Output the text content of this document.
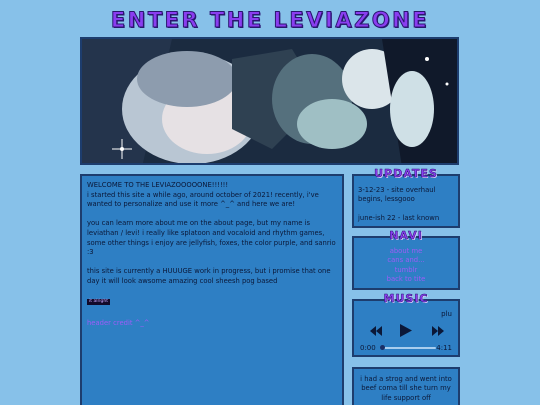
ENTER THE LEVIAZONE

WELCOME TO THE LEVIAZOOOOONE!!!!!!
i started this site a while ago, around october of 2021! recently, i've wanted to personalize and use it more ^_^ and here we are!

you can learn more about me on the about page, but my name is leviathan / levi! i really like splatoon and vocaloid and rhythm games, some other things i enjoy are jellyfish, foxes, the color purple, and sanrio :3

this site is currently a HUUUGE work in progress, but i promise that one day it will look awsome amazing cool sheesh pog based

it alright
header credit ^_^
UPDATES

3-12-23 - site overhaul begins, lessgooo

june-ish 22 - last known

NAVI
about me
cans and...
tumblr
back to tite
MUSIC
plu
0:00	4:11
i had a strog and went into beef coma till she turn my life support off
